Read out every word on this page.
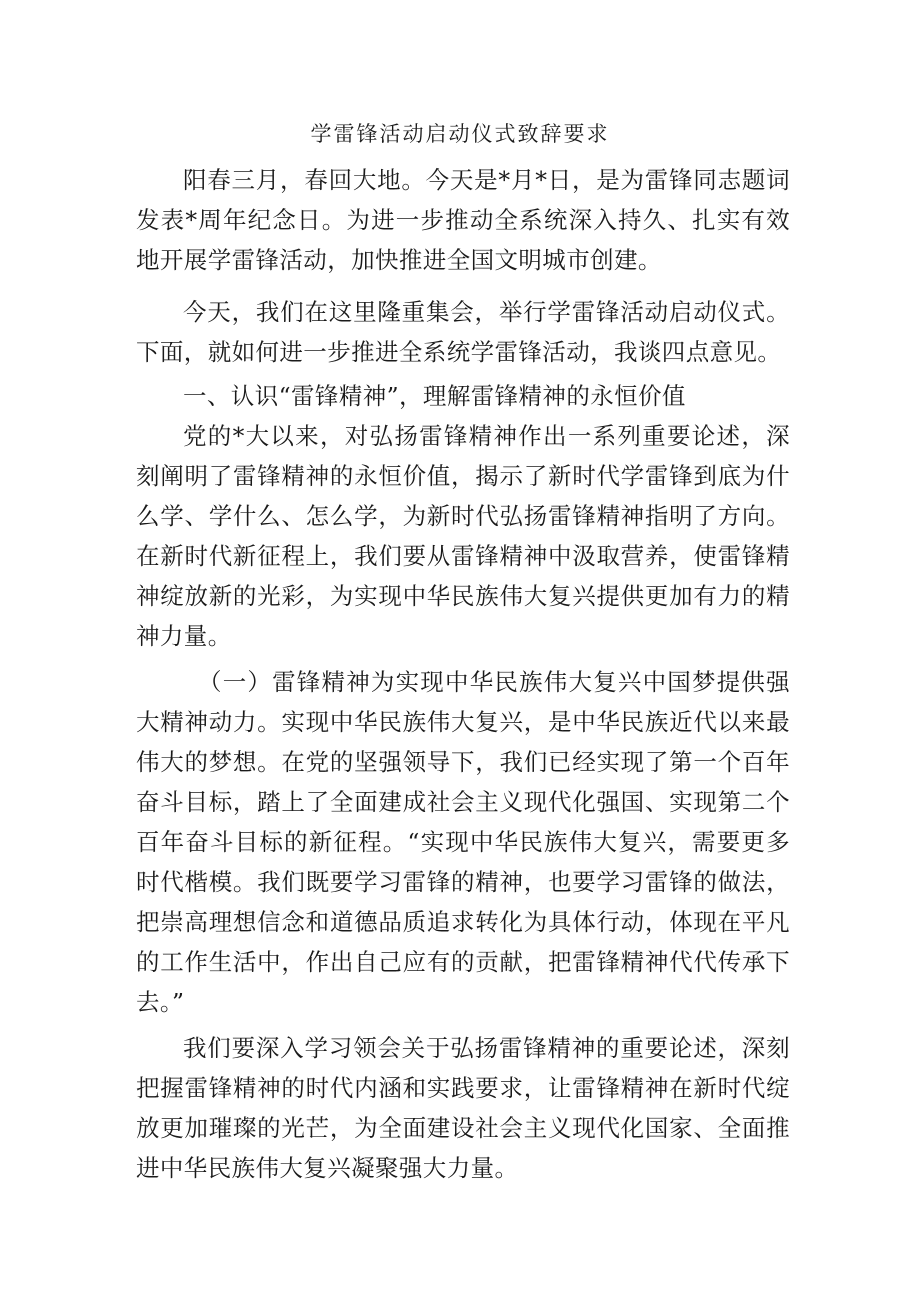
学雷锋活动启动仪式致辞要求

阳春三月，春回大地。今天是*月*日，是为雷锋同志题词发表*周年纪念日。为进一步推动全系统深入持久、扎实有效地开展学雷锋活动，加快推进全国文明城市创建。

今天，我们在这里隆重集会，举行学雷锋活动启动仪式。下面，就如何进一步推进全系统学雷锋活动，我谈四点意见。

一、认识“雷锋精神”，理解雷锋精神的永恒价值

党的*大以来，对弘扬雷锋精神作出一系列重要论述，深刻阐明了雷锋精神的永恒价值，揭示了新时代学雷锋到底为什么学、学什么、怎么学，为新时代弘扬雷锋精神指明了方向。在新时代新征程上，我们要从雷锋精神中汲取营养，使雷锋精神绽放新的光彩，为实现中华民族伟大复兴提供更加有力的精神力量。

（一）雷锋精神为实现中华民族伟大复兴中国梦提供强大精神动力。实现中华民族伟大复兴，是中华民族近代以来最伟大的梦想。在党的坚强领导下，我们已经实现了第一个百年奋斗目标，踏上了全面建成社会主义现代化强国、实现第二个百年奋斗目标的新征程。“实现中华民族伟大复兴，需要更多时代楷模。我们既要学习雷锋的精神，也要学习雷锋的做法，把崇高理想信念和道德品质追求转化为具体行动，体现在平凡的工作生活中，作出自己应有的贡献，把雷锋精神代代传承下去。”

我们要深入学习领会关于弘扬雷锋精神的重要论述，深刻把握雷锋精神的时代内涵和实践要求，让雷锋精神在新时代绽放更加璀璨的光芒，为全面建设社会主义现代化国家、全面推进中华民族伟大复兴凝聚强大力量。
